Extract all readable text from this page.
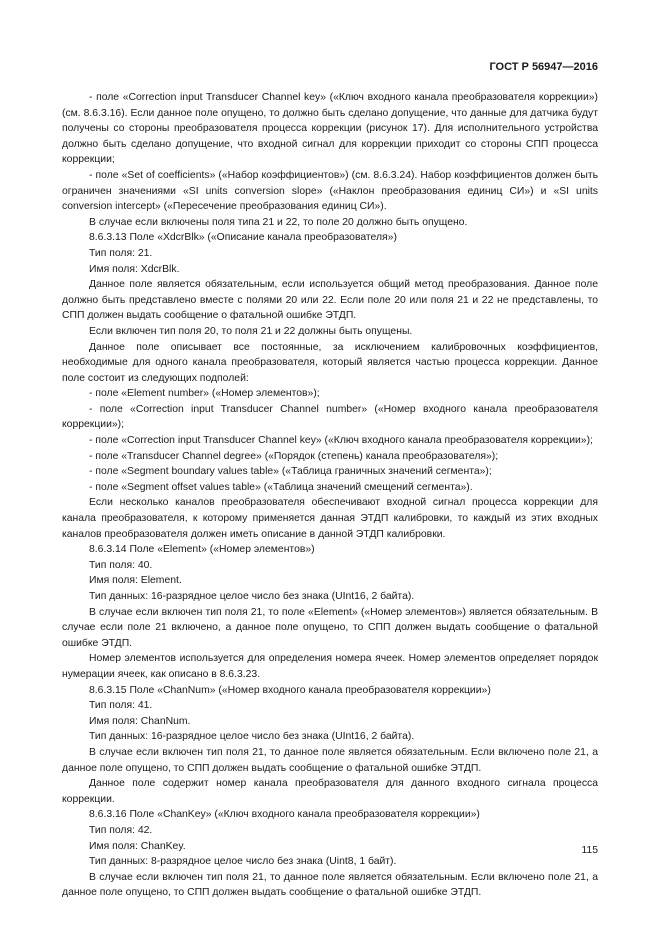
ГОСТ Р 56947—2016

- поле «Correction input Transducer Channel key» («Ключ входного канала преобразователя коррекции») (см. 8.6.3.16). Если данное поле опущено, то должно быть сделано допущение, что данные для датчика будут получены со стороны преобразователя процесса коррекции (рисунок 17). Для исполнительного устройства должно быть сделано допущение, что входной сигнал для коррекции приходит со стороны СПП процесса коррекции;

- поле «Set of coefficients» («Набор коэффициентов») (см. 8.6.3.24). Набор коэффициентов должен быть ограничен значениями «SI units conversion slope» («Наклон преобразования единиц СИ») и «SI units conversion intercept» («Пересечение преобразования единиц СИ»).

В случае если включены поля типа 21 и 22, то поле 20 должно быть опущено.

8.6.3.13 Поле «XdcrBlk» («Описание канала преобразователя»)

Тип поля: 21.

Имя поля: XdcrBlk.

Данное поле является обязательным, если используется общий метод преобразования. Данное поле должно быть представлено вместе с полями 20 или 22. Если поле 20 или поля 21 и 22 не представлены, то СПП должен выдать сообщение о фатальной ошибке ЭТДП.

Если включен тип поля 20, то поля 21 и 22 должны быть опущены.

Данное поле описывает все постоянные, за исключением калибровочных коэффициентов, необходимые для одного канала преобразователя, который является частью процесса коррекции. Данное поле состоит из следующих подполей:

- поле «Element number» («Номер элементов»);

- поле «Correction input Transducer Channel number» («Номер входного канала преобразователя коррекции»);

- поле «Correction input Transducer Channel key» («Ключ входного канала преобразователя коррекции»);

- поле «Transducer Channel degree» («Порядок (степень) канала преобразователя»);

- поле «Segment boundary values table» («Таблица граничных значений сегмента»);

- поле «Segment offset values table» («Таблица значений смещений сегмента»).

Если несколько каналов преобразователя обеспечивают входной сигнал процесса коррекции для канала преобразователя, к которому применяется данная ЭТДП калибровки, то каждый из этих входных каналов преобразователя должен иметь описание в данной ЭТДП калибровки.

8.6.3.14 Поле «Element» («Номер элементов»)

Тип поля: 40.

Имя поля: Element.

Тип данных: 16-разрядное целое число без знака (UInt16, 2 байта).

В случае если включен тип поля 21, то поле «Element» («Номер элементов») является обязательным. В случае если поле 21 включено, а данное поле опущено, то СПП должен выдать сообщение о фатальной ошибке ЭТДП.

Номер элементов используется для определения номера ячеек. Номер элементов определяет порядок нумерации ячеек, как описано в 8.6.3.23.

8.6.3.15 Поле «ChanNum» («Номер входного канала преобразователя коррекции»)

Тип поля: 41.

Имя поля: ChanNum.

Тип данных: 16-разрядное целое число без знака (UInt16, 2 байта).

В случае если включен тип поля 21, то данное поле является обязательным. Если включено поле 21, а данное поле опущено, то СПП должен выдать сообщение о фатальной ошибке ЭТДП.

Данное поле содержит номер канала преобразователя для данного входного сигнала процесса коррекции.

8.6.3.16 Поле «ChanKey» («Ключ входного канала преобразователя коррекции»)

Тип поля: 42.

Имя поля: ChanKey.

Тип данных: 8-разрядное целое число без знака (Uint8, 1 байт).

В случае если включен тип поля 21, то данное поле является обязательным. Если включено поле 21, а данное поле опущено, то СПП должен выдать сообщение о фатальной ошибке ЭТДП.

115
